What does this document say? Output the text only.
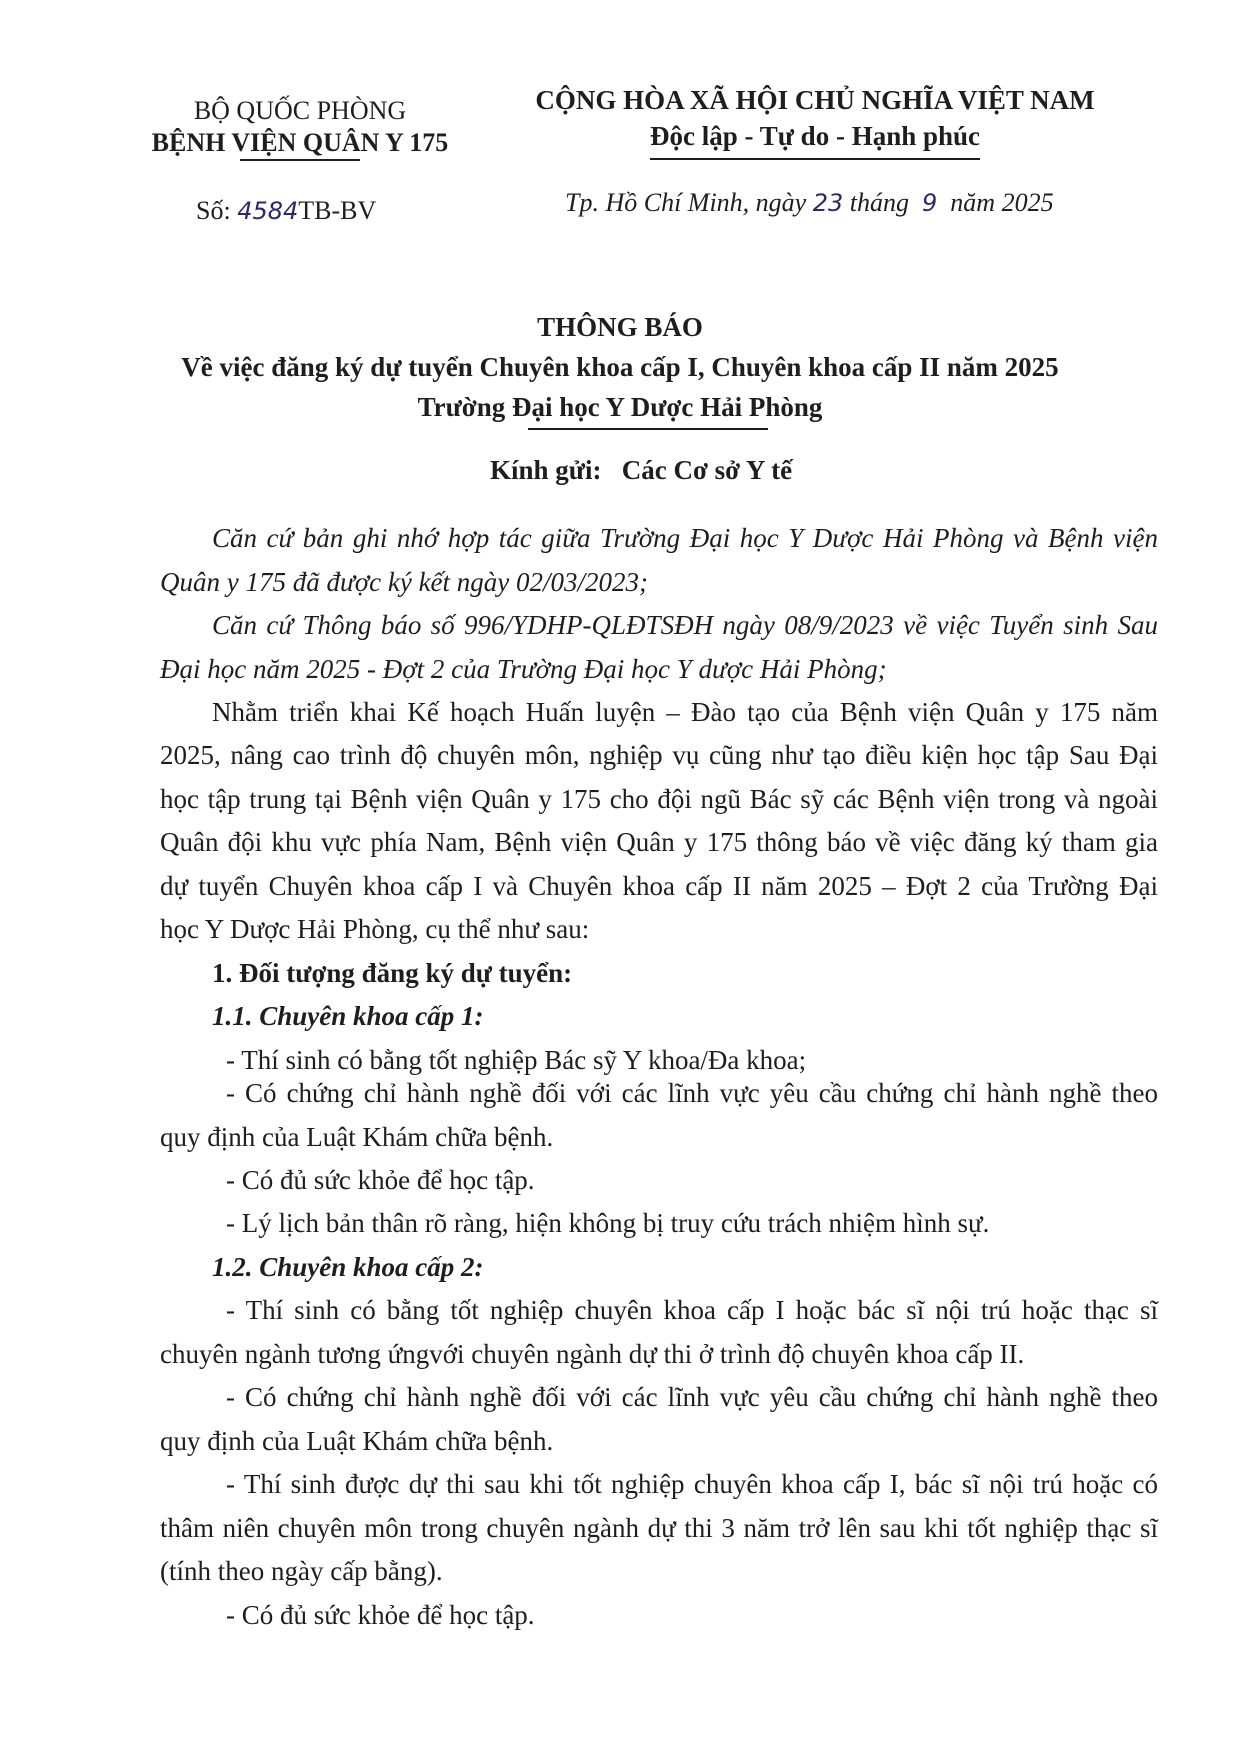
BỘ QUỐC PHÒNG
BỆNH VIỆN QUÂN Y 175
Số: 4584TB-BV
CỘNG HÒA XÃ HỘI CHỦ NGHĨA VIỆT NAM
Độc lập - Tự do - Hạnh phúc
Tp. Hồ Chí Minh, ngày 23 tháng 9 năm 2025
THÔNG BÁO
Về việc đăng ký dự tuyển Chuyên khoa cấp I, Chuyên khoa cấp II năm 2025
Trường Đại học Y Dược Hải Phòng
Kính gửi: Các Cơ sở Y tế
Căn cứ bản ghi nhớ hợp tác giữa Trường Đại học Y Dược Hải Phòng và Bệnh viện
Quân y 175 đã được ký kết ngày 02/03/2023;
Căn cứ Thông báo số 996/YDHP-QLĐTSĐH ngày 08/9/2023 về việc Tuyển sinh Sau
Đại học năm 2025 - Đợt 2 của Trường Đại học Y dược Hải Phòng;
Nhằm triển khai Kế hoạch Huấn luyện – Đào tạo của Bệnh viện Quân y 175 năm
2025, nâng cao trình độ chuyên môn, nghiệp vụ cũng như tạo điều kiện học tập Sau Đại
học tập trung tại Bệnh viện Quân y 175 cho đội ngũ Bác sỹ các Bệnh viện trong và ngoài
Quân đội khu vực phía Nam, Bệnh viện Quân y 175 thông báo về việc đăng ký tham gia
dự tuyển Chuyên khoa cấp I và Chuyên khoa cấp II năm 2025 – Đợt 2 của Trường Đại
học Y Dược Hải Phòng, cụ thể như sau:
1. Đối tượng đăng ký dự tuyển:
1.1. Chuyên khoa cấp 1:
- Thí sinh có bằng tốt nghiệp Bác sỹ Y khoa/Đa khoa;
- Có chứng chỉ hành nghề đối với các lĩnh vực yêu cầu chứng chỉ hành nghề theo
quy định của Luật Khám chữa bệnh.
- Có đủ sức khỏe để học tập.
- Lý lịch bản thân rõ ràng, hiện không bị truy cứu trách nhiệm hình sự.
1.2. Chuyên khoa cấp 2:
- Thí sinh có bằng tốt nghiệp chuyên khoa cấp I hoặc bác sĩ nội trú hoặc thạc sĩ
chuyên ngành tương ứngvới chuyên ngành dự thi ở trình độ chuyên khoa cấp II.
- Có chứng chỉ hành nghề đối với các lĩnh vực yêu cầu chứng chỉ hành nghề theo
quy định của Luật Khám chữa bệnh.
- Thí sinh được dự thi sau khi tốt nghiệp chuyên khoa cấp I, bác sĩ nội trú hoặc có
thâm niên chuyên môn trong chuyên ngành dự thi 3 năm trở lên sau khi tốt nghiệp thạc sĩ
(tính theo ngày cấp bằng).
- Có đủ sức khỏe để học tập.
